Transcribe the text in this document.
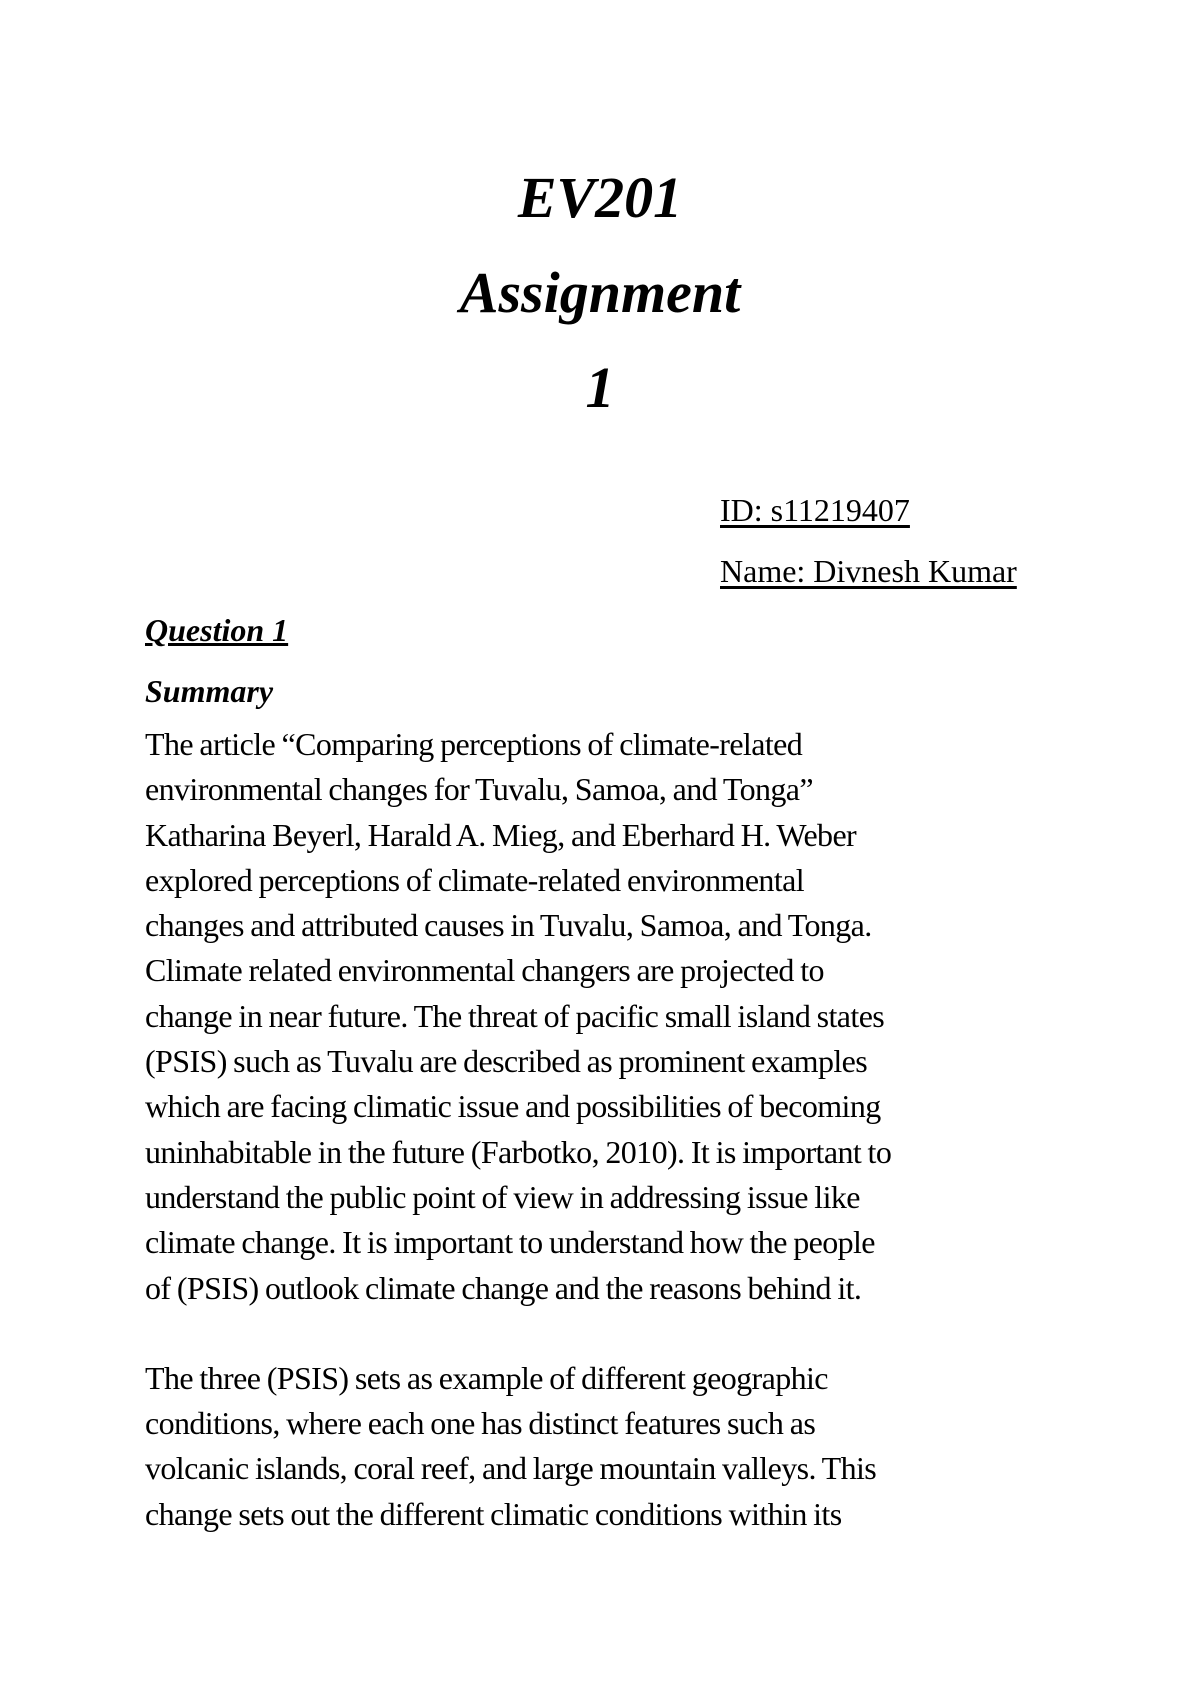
EV201
Assignment
1
ID: s11219407
Name: Divnesh Kumar
Question 1
Summary

The article “Comparing perceptions of climate-related
environmental changes for Tuvalu, Samoa, and Tonga”
Katharina Beyerl, Harald A. Mieg, and Eberhard H. Weber
explored perceptions of climate-related environmental
changes and attributed causes in Tuvalu, Samoa, and Tonga.
Climate related environmental changers are projected to
change in near future. The threat of pacific small island states
(PSIS) such as Tuvalu are described as prominent examples
which are facing climatic issue and possibilities of becoming
uninhabitable in the future (Farbotko, 2010). It is important to
understand the public point of view in addressing issue like
climate change. It is important to understand how the people
of (PSIS) outlook climate change and the reasons behind it.

The three (PSIS) sets as example of different geographic
conditions, where each one has distinct features such as
volcanic islands, coral reef, and large mountain valleys. This
change sets out the different climatic conditions within its
